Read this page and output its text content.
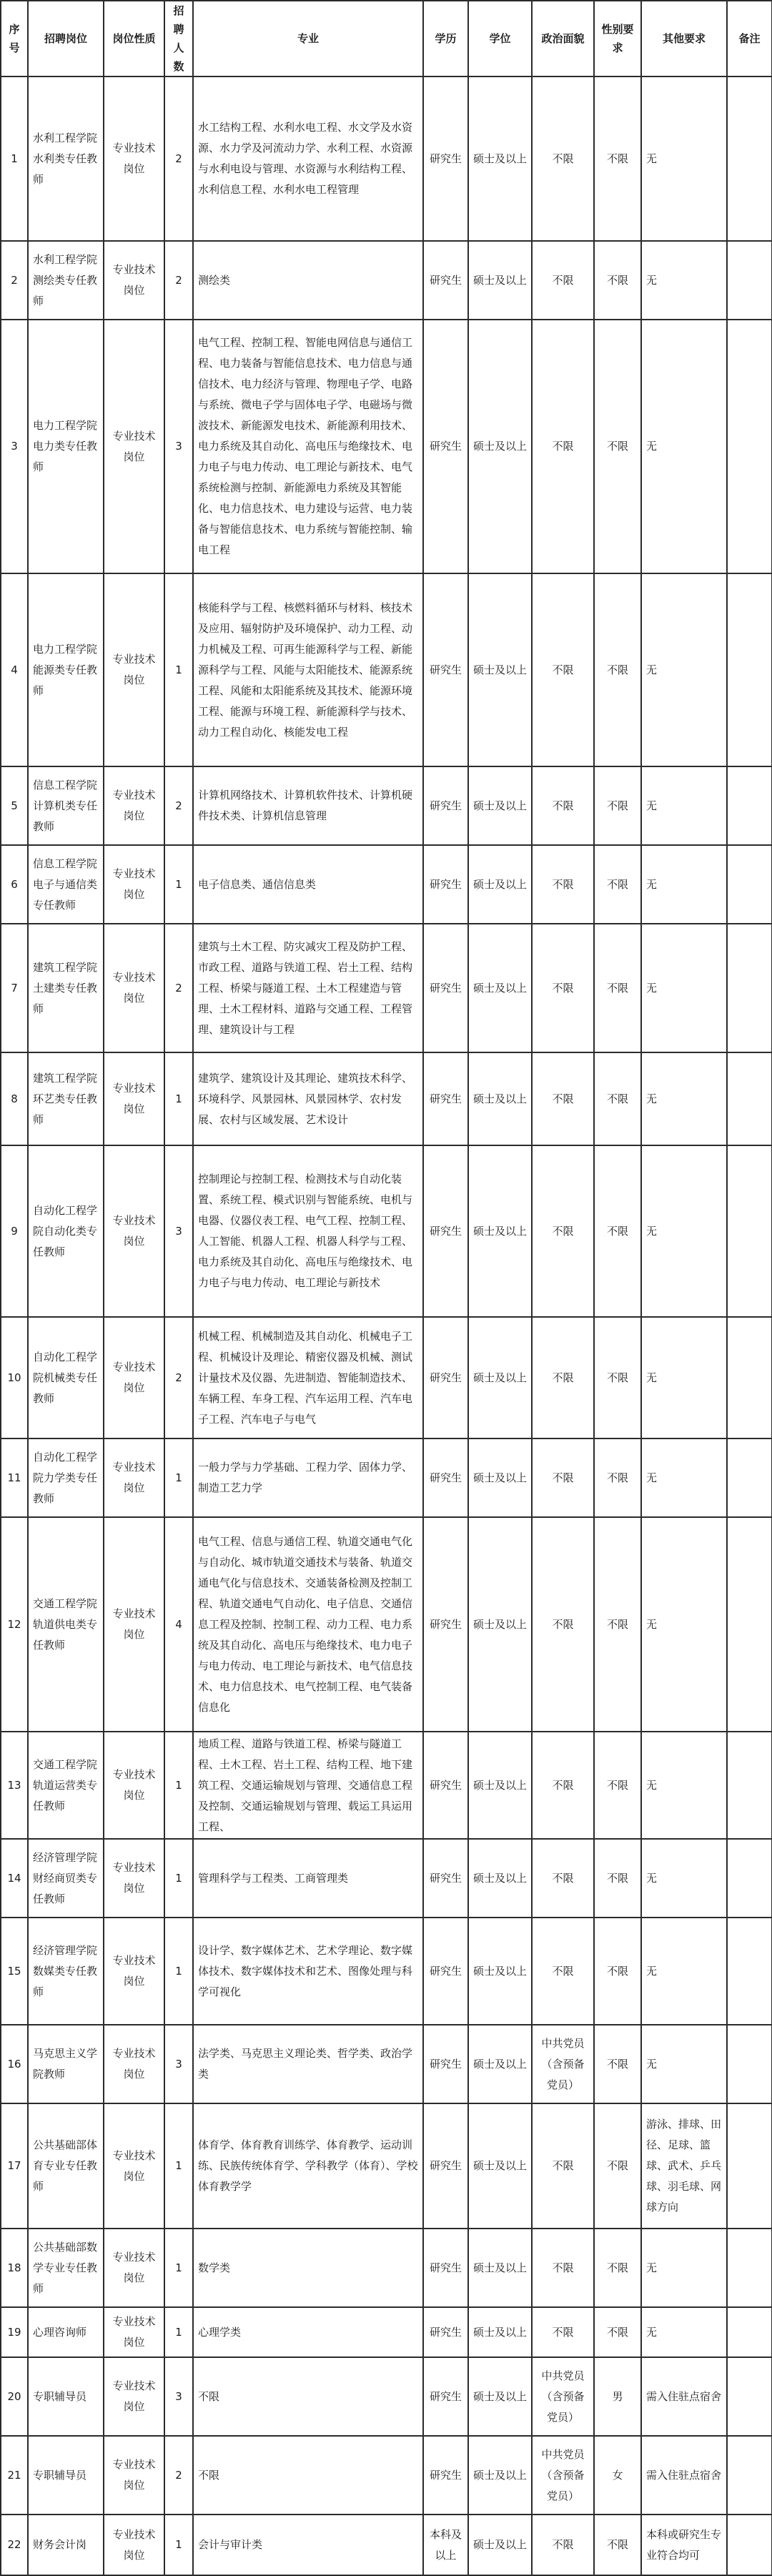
序号	招聘岗位	岗位性质	招聘人数	专业	学历	学位	政治面貌	性别要求	其他要求	备注
1	水利工程学院水利类专任教师	专业技术岗位	2	水工结构工程、水利水电工程、水文学及水资源、水力学及河流动力学、水利工程、水资源与水利电设与管理、水资源与水利结构工程、水利信息工程、水利水电工程管理	研究生	硕士及以上	不限	不限	无	
2	水利工程学院测绘类专任教师	专业技术岗位	2	测绘类	研究生	硕士及以上	不限	不限	无	
3	电力工程学院电力类专任教师	专业技术岗位	3	电气工程、控制工程、智能电网信息与通信工程、电力装备与智能信息技术、电力信息与通信技术、电力经济与管理、物理电子学、电路与系统、微电子学与固体电子学、电磁场与微波技术、新能源发电技术、新能源利用技术、电力系统及其自动化、高电压与绝缘技术、电力电子与电力传动、电工理论与新技术、电气系统检测与控制、新能源电力系统及其智能化、电力信息技术、电力建设与运营、电力装备与智能信息技术、电力系统与智能控制、输电工程	研究生	硕士及以上	不限	不限	无	
4	电力工程学院能源类专任教师	专业技术岗位	1	核能科学与工程、核燃料循环与材料、核技术及应用、辐射防护及环境保护、动力工程、动力机械及工程、可再生能源科学与工程、新能源科学与工程、风能与太阳能技术、能源系统工程、风能和太阳能系统及其技术、能源环境工程、能源与环境工程、新能源科学与技术、动力工程自动化、核能发电工程	研究生	硕士及以上	不限	不限	无	
5	信息工程学院计算机类专任教师	专业技术岗位	2	计算机网络技术、计算机软件技术、计算机硬件技术类、计算机信息管理	研究生	硕士及以上	不限	不限	无	
6	信息工程学院电子与通信类专任教师	专业技术岗位	1	电子信息类、通信信息类	研究生	硕士及以上	不限	不限	无	
7	建筑工程学院土建类专任教师	专业技术岗位	2	建筑与土木工程、防灾减灾工程及防护工程、市政工程、道路与铁道工程、岩土工程、结构工程、桥梁与隧道工程、土木工程建造与管理、土木工程材料、道路与交通工程、工程管理、建筑设计与工程	研究生	硕士及以上	不限	不限	无	
8	建筑工程学院环艺类专任教师	专业技术岗位	1	建筑学、建筑设计及其理论、建筑技术科学、环境科学、风景园林、风景园林学、农村发展、农村与区域发展、艺术设计	研究生	硕士及以上	不限	不限	无	
9	自动化工程学院自动化类专任教师	专业技术岗位	3	控制理论与控制工程、检测技术与自动化装置、系统工程、模式识别与智能系统、电机与电器、仪器仪表工程、电气工程、控制工程、人工智能、机器人工程、机器人科学与工程、电力系统及其自动化、高电压与绝缘技术、电力电子与电力传动、电工理论与新技术	研究生	硕士及以上	不限	不限	无	
10	自动化工程学院机械类专任教师	专业技术岗位	2	机械工程、机械制造及其自动化、机械电子工程、机械设计及理论、精密仪器及机械、测试计量技术及仪器、先进制造、智能制造技术、车辆工程、车身工程、汽车运用工程、汽车电子工程、汽车电子与电气	研究生	硕士及以上	不限	不限	无	
11	自动化工程学院力学类专任教师	专业技术岗位	1	一般力学与力学基础、工程力学、固体力学、制造工艺力学	研究生	硕士及以上	不限	不限	无	
12	交通工程学院轨道供电类专任教师	专业技术岗位	4	电气工程、信息与通信工程、轨道交通电气化与自动化、城市轨道交通技术与装备、轨道交通电气化与信息技术、交通装备检测及控制工程、轨道交通电气自动化、电子信息、交通信息工程及控制、控制工程、动力工程、电力系统及其自动化、高电压与绝缘技术、电力电子与电力传动、电工理论与新技术、电气信息技术、电力信息技术、电气控制工程、电气装备信息化	研究生	硕士及以上	不限	不限	无	
13	交通工程学院轨道运营类专任教师	专业技术岗位	1	地质工程、道路与铁道工程、桥梁与隧道工程、土木工程、岩土工程、结构工程、地下建筑工程、交通运输规划与管理、交通信息工程及控制、交通运输规划与管理、载运工具运用工程、	研究生	硕士及以上	不限	不限	无	
14	经济管理学院财经商贸类专任教师	专业技术岗位	1	管理科学与工程类、工商管理类	研究生	硕士及以上	不限	不限	无	
15	经济管理学院数媒类专任教师	专业技术岗位	1	设计学、数字媒体艺术、艺术学理论、数字媒体技术、数字媒体技术和艺术、图像处理与科学可视化	研究生	硕士及以上	不限	不限	无	
16	马克思主义学院教师	专业技术岗位	3	法学类、马克思主义理论类、哲学类、政治学类	研究生	硕士及以上	中共党员（含预备党员）	不限	无	
17	公共基础部体育专业专任教师	专业技术岗位	1	体育学、体育教育训练学、体育教学、运动训练、民族传统体育学、学科教学（体育）、学校体育教学学	研究生	硕士及以上	不限	不限	游泳、排球、田径、足球、篮球、武术、乒乓球、羽毛球、网球方向	
18	公共基础部数学专业专任教师	专业技术岗位	1	数学类	研究生	硕士及以上	不限	不限	无	
19	心理咨询师	专业技术岗位	1	心理学类	研究生	硕士及以上	不限	不限	无	
20	专职辅导员	专业技术岗位	3	不限	研究生	硕士及以上	中共党员（含预备党员）	男	需入住驻点宿舍	
21	专职辅导员	专业技术岗位	2	不限	研究生	硕士及以上	中共党员（含预备党员）	女	需入住驻点宿舍	
22	财务会计岗	专业技术岗位	1	会计与审计类	本科及以上	硕士及以上	不限	不限	本科或研究生专业符合均可	
